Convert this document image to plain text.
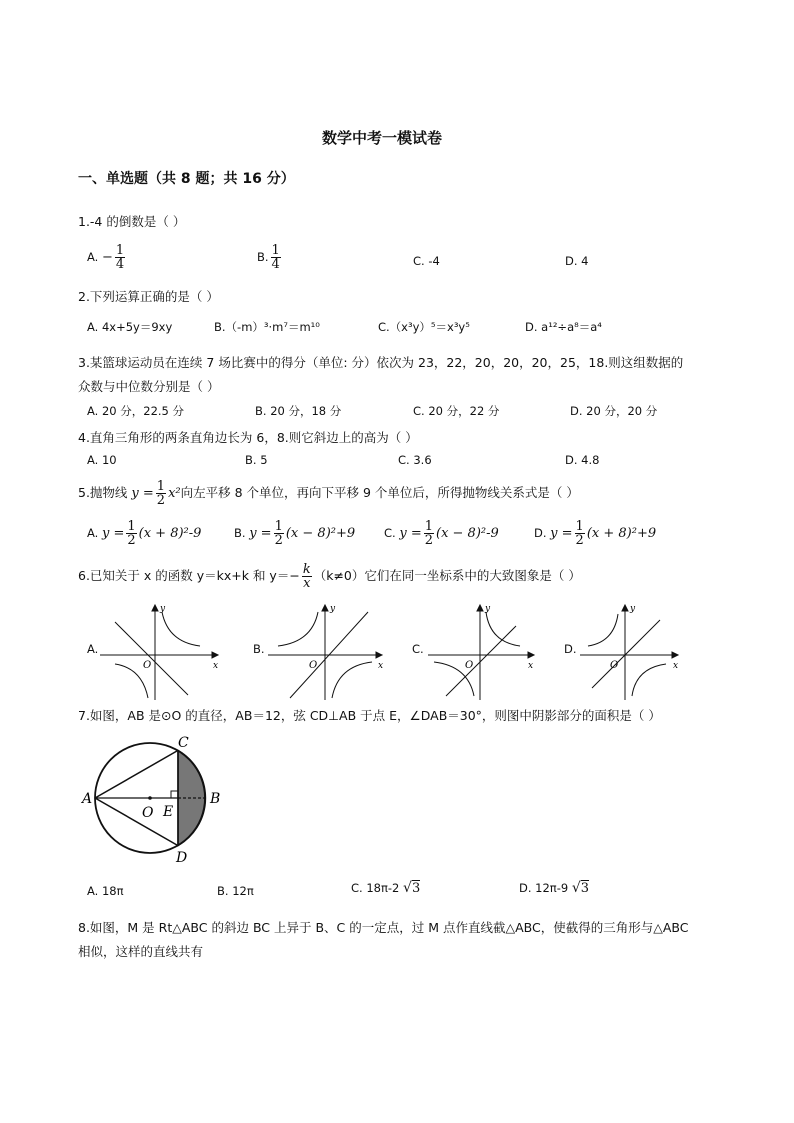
数学中考一模试卷
一、单选题（共 8 题；共 16 分）
1.-4 的倒数是（ ）
A. − $\frac{1}{4}$	B. $\frac{1}{4}$	C. -4	D. 4
2.下列运算正确的是（ ）
A. 4x+5y＝9xy	B.（-m）³·m⁷＝m¹⁰	C.（x³y）⁵＝x³y⁵	D. a¹²÷a⁸＝a⁴
3.某篮球运动员在连续 7 场比赛中的得分（单位: 分）依次为 23，22，20，20，20，25，18.则这组数据的
众数与中位数分别是（ ）
A. 20 分，22.5 分	B. 20 分，18 分	C. 20 分，22 分	D. 20 分，20 分
4.直角三角形的两条直角边长为 6，8.则它斜边上的高为（ ）
A. 10	B. 5	C. 3.6	D. 4.8
5.抛物线 $y = \frac{1}{2} x^2$向左平移 8 个单位，再向下平移 9 个单位后，所得抛物线关系式是（ ）
A. $y = \frac{1}{2} (x + 8)^2-9$	B. $y = \frac{1}{2} (x - 8)^2+9$	C. $y = \frac{1}{2} (x - 8)^2-9$	D. $y = \frac{1}{2} (x + 8)^2+9$
6.已知关于 x 的函数 y＝kx+k 和 $y=- \frac{k}{x} (k\ne 0)$它们在同一坐标系中的大致图象是（ ）
A.	B.	C.	D.
x
y
O	x
y
O	x
y
O	x
y
O
7.如图，AB 是⊙O 的直径，AB＝12，弦 CD⊥AB 于点 E，∠DAB＝30°，则图中阴影部分的面积是（ ）
A	B
C
D
E
O
A. 18π	B. 12π	C. 18π-2 √3	D. 12π-9 √3
8.如图，M 是 Rt△ABC 的斜边 BC 上异于 B、C 的一定点，过 M 点作直线截△ABC，使截得的三角形与△ABC
相似，这样的直线共有
